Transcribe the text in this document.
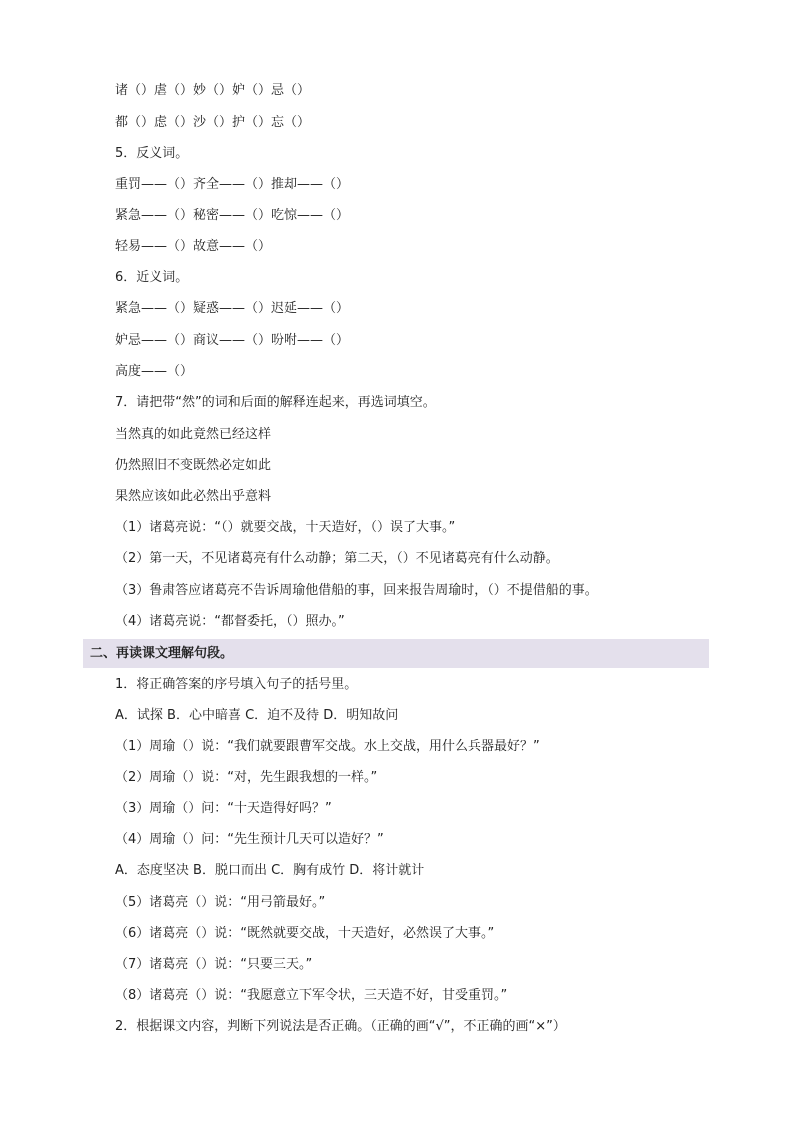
诸（）虐（）妙（）妒（）忌（）
都（）虑（）沙（）护（）忘（）
5．反义词。
重罚——（）齐全——（）推却——（）
紧急——（）秘密——（）吃惊——（）
轻易——（）故意——（）
6．近义词。
紧急——（）疑惑——（）迟延——（）
妒忌——（）商议——（）吩咐——（）
高度——（）
7．请把带“然”的词和后面的解释连起来，再选词填空。
当然真的如此竟然已经这样
仍然照旧不变既然必定如此
果然应该如此必然出乎意料
（1）诸葛亮说：“（）就要交战，十天造好，（）误了大事。”
（2）第一天，不见诸葛亮有什么动静；第二天，（）不见诸葛亮有什么动静。
（3）鲁肃答应诸葛亮不告诉周瑜他借船的事，回来报告周瑜时，（）不提借船的事。
（4）诸葛亮说：“都督委托，（）照办。”
二、再读课文理解句段。
1．将正确答案的序号填入句子的括号里。
A．试探 B．心中暗喜 C．迫不及待 D．明知故问
（1）周瑜（）说：“我们就要跟曹军交战。水上交战，用什么兵器最好？”
（2）周瑜（）说：“对，先生跟我想的一样。”
（3）周瑜（）问：“十天造得好吗？”
（4）周瑜（）问：“先生预计几天可以造好？”
A．态度坚决 B．脱口而出 C．胸有成竹 D．将计就计
（5）诸葛亮（）说：“用弓箭最好。”
（6）诸葛亮（）说：“既然就要交战，十天造好，必然误了大事。”
（7）诸葛亮（）说：“只要三天。”
（8）诸葛亮（）说：“我愿意立下军令状，三天造不好，甘受重罚。”
2．根据课文内容，判断下列说法是否正确。（正确的画“√”，不正确的画“×”）
